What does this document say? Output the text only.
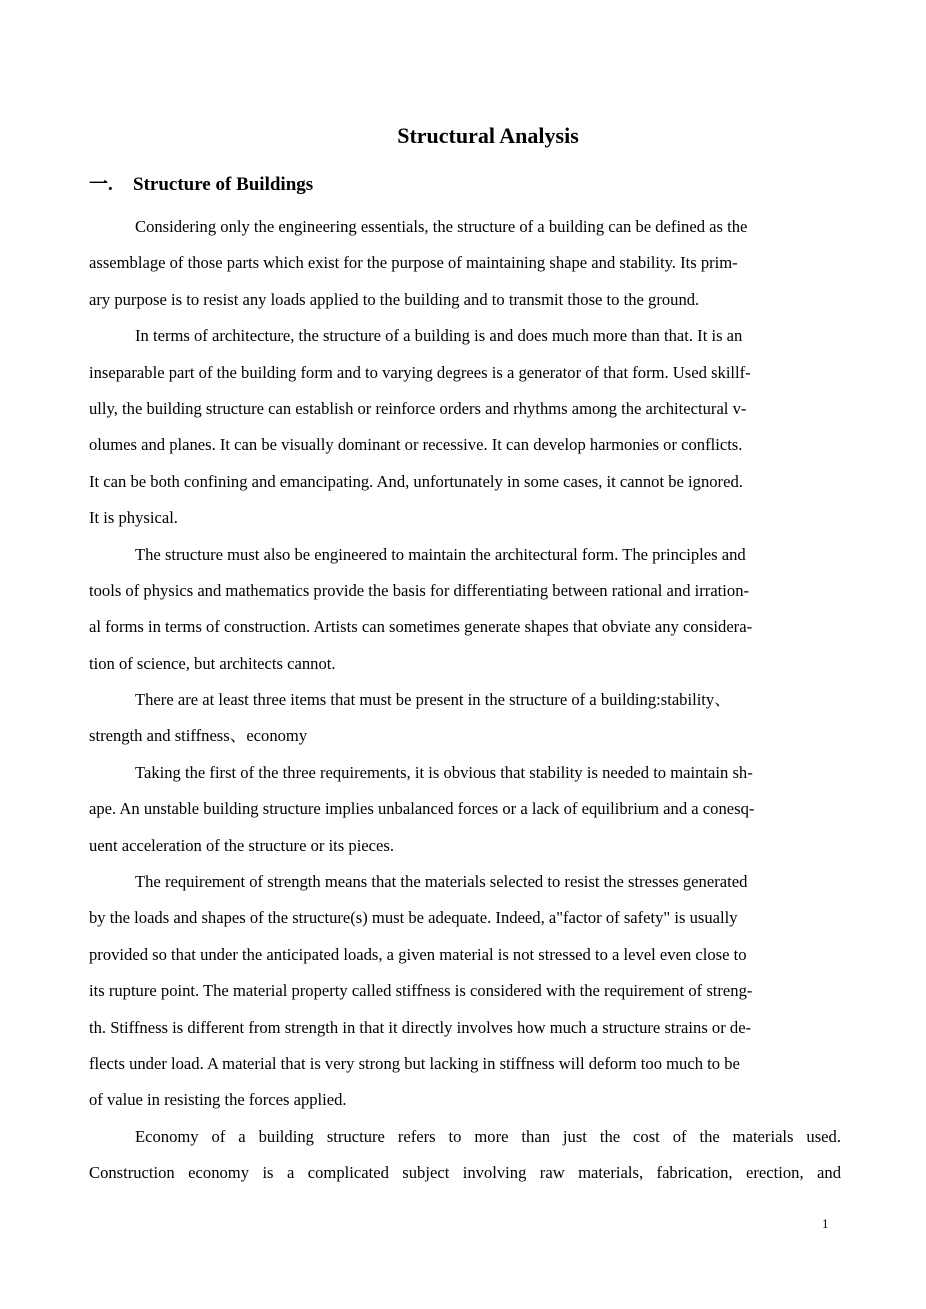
Structural Analysis
一. Structure of Buildings
Considering only the engineering essentials, the structure of a building can be defined as the
assemblage of those parts which exist for the purpose of maintaining shape and stability. Its prim-
ary purpose is to resist any loads applied to the building and to transmit those to the ground.
In terms of architecture, the structure of a building is and does much more than that. It is an
inseparable part of the building form and to varying degrees is a generator of that form. Used skillf-
ully, the building structure can establish or reinforce orders and rhythms among the architectural v-
olumes and planes. It can be visually dominant or recessive. It can develop harmonies or conflicts.
It can be both confining and emancipating. And, unfortunately in some cases, it cannot be ignored.
It is physical.
The structure must also be engineered to maintain the architectural form. The principles and
tools of physics and mathematics provide the basis for differentiating between rational and irration-
al forms in terms of construction. Artists can sometimes generate shapes that obviate any considera-
tion of science, but architects cannot.
There are at least three items that must be present in the structure of a building:stability、
strength and stiffness、economy
Taking the first of the three requirements, it is obvious that stability is needed to maintain sh-
ape. An unstable building structure implies unbalanced forces or a lack of equilibrium and a conesq-
uent acceleration of the structure or its pieces.
The requirement of strength means that the materials selected to resist the stresses generated
by the loads and shapes of the structure(s) must be adequate. Indeed, a"factor of safety" is usually
provided so that under the anticipated loads, a given material is not stressed to a level even close to
its rupture point. The material property called stiffness is considered with the requirement of streng-
th. Stiffness is different from strength in that it directly involves how much a structure strains or de-
flects under load. A material that is very strong but lacking in stiffness will deform too much to be
of value in resisting the forces applied.
Economy of a building structure refers to more than just the cost of the materials used.
Construction economy is a complicated subject involving raw materials, fabrication, erection, and
1
